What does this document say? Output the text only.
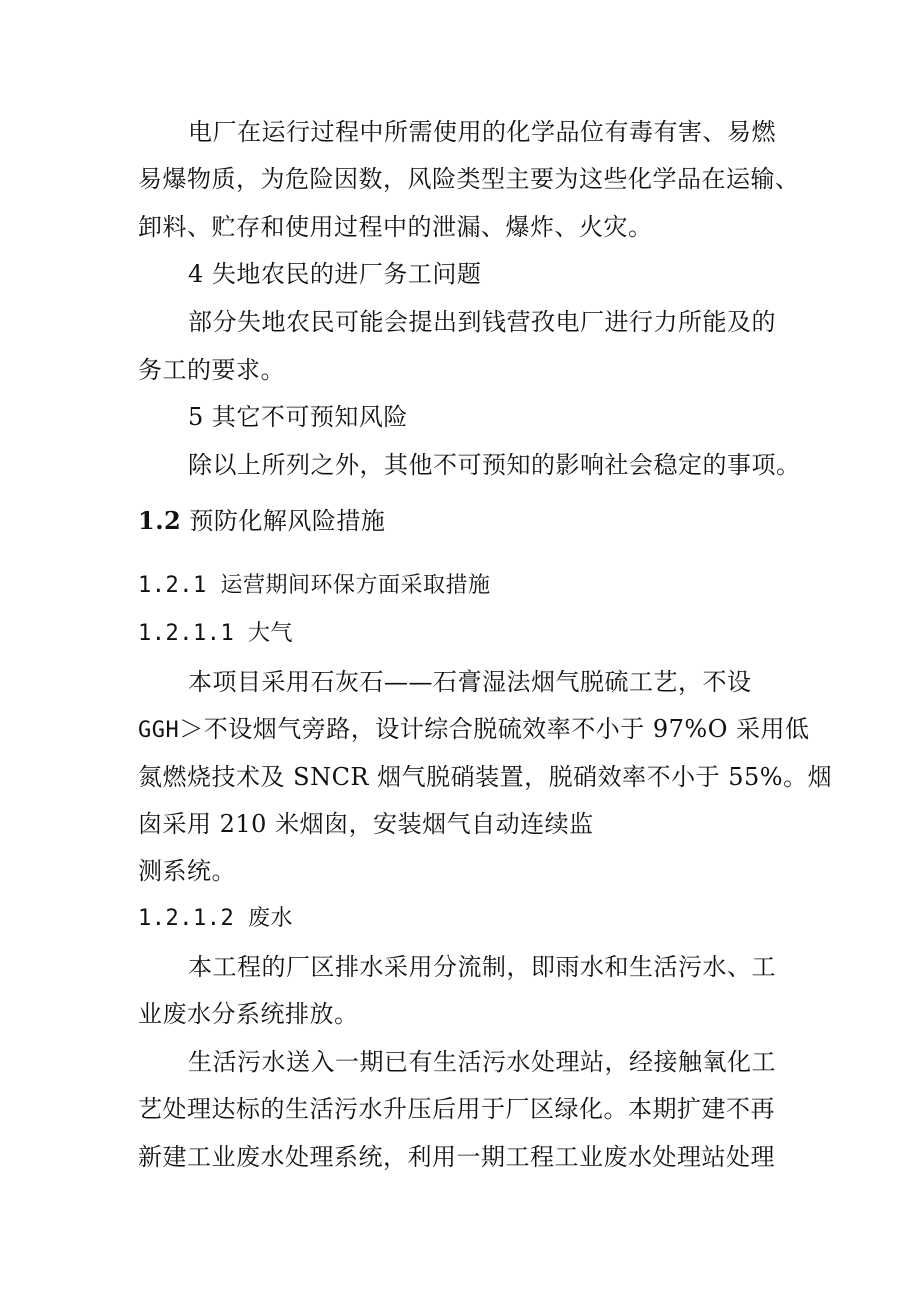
电厂在运行过程中所需使用的化学品位有毒有害、易燃
易爆物质，为危险因数，风险类型主要为这些化学品在运输、
卸料、贮存和使用过程中的泄漏、爆炸、火灾。
4 失地农民的进厂务工问题
部分失地农民可能会提出到钱营孜电厂进行力所能及的
务工的要求。
5 其它不可预知风险
除以上所列之外，其他不可预知的影响社会稳定的事项。
1.2 预防化解风险措施
1.2.1 运营期间环保方面采取措施
1.2.1.1 大气
本项目采用石灰石——石膏湿法烟气脱硫工艺，不设
GGH＞不设烟气旁路，设计综合脱硫效率不小于 97%O 采用低
氮燃烧技术及 SNCR 烟气脱硝装置，脱硝效率不小于 55%。烟
囱采用 210 米烟囱，安装烟气自动连续监
测系统。
1.2.1.2 废水
本工程的厂区排水采用分流制，即雨水和生活污水、工
业废水分系统排放。
生活污水送入一期已有生活污水处理站，经接触氧化工
艺处理达标的生活污水升压后用于厂区绿化。本期扩建不再
新建工业废水处理系统，利用一期工程工业废水处理站处理
